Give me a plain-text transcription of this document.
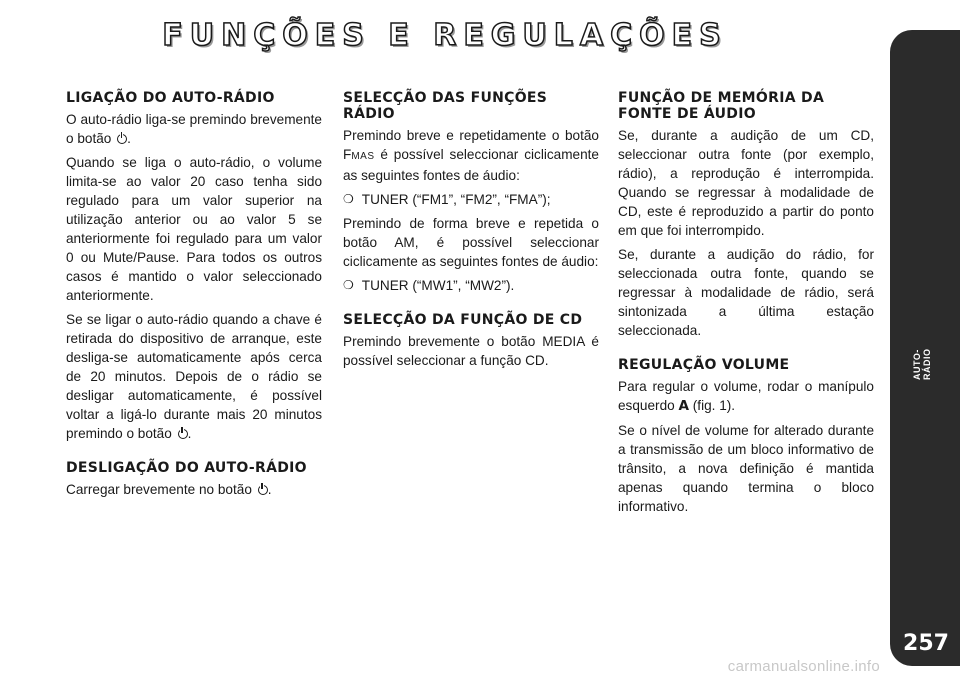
FUNÇÕES E REGULAÇÕES
LIGAÇÃO DO AUTO-RÁDIO

O auto-rádio liga-se premindo brevemente o botão .

Quando se liga o auto-rádio, o volume limita-se ao valor 20 caso tenha sido regulado para um valor superior na utilização anterior ou ao valor 5 se anteriormente foi regulado para um valor 0 ou Mute/Pause. Para todos os outros casos é mantido o valor seleccionado anteriormente.

Se se ligar o auto-rádio quando a chave é retirada do dispositivo de arranque, este desliga-se automaticamente após cerca de 20 minutos. Depois de o rádio se desligar automaticamente, é possível voltar a ligá-lo durante mais 20 minutos premindo o botão .

DESLIGAÇÃO DO AUTO-RÁDIO

Carregar brevemente no botão .

SELECÇÃO DAS FUNÇÕES RÁDIO

Premindo breve e repetidamente o botão FMAS é possível seleccionar ciclicamente as seguintes fontes de áudio:

❍ TUNER (“FM1”, “FM2”, “FMA”);

Premindo de forma breve e repetida o botão AM, é possível seleccionar ciclicamente as seguintes fontes de áudio:

❍ TUNER (“MW1”, “MW2”).
SELECÇÃO DA FUNÇÃO DE CD

Premindo brevemente o botão MEDIA é possível seleccionar a função CD.

FUNÇÃO DE MEMÓRIA DA FONTE DE ÁUDIO

Se, durante a audição de um CD, seleccionar outra fonte (por exemplo, rádio), a reprodução é interrompida. Quando se regressar à modalidade de CD, este é reproduzido a partir do ponto em que foi interrompido.

Se, durante a audição do rádio, for seleccionada outra fonte, quando se regressar à modalidade de rádio, será sintonizada a última estação seleccionada.

REGULAÇÃO VOLUME

Para regular o volume, rodar o manípulo esquerdo A (fig. 1).

Se o nível de volume for alterado durante a transmissão de um bloco informativo de trânsito, a nova definição é mantida apenas quando termina o bloco informativo.

AUTO-RÁDIO
257
carmanualsonline.info
